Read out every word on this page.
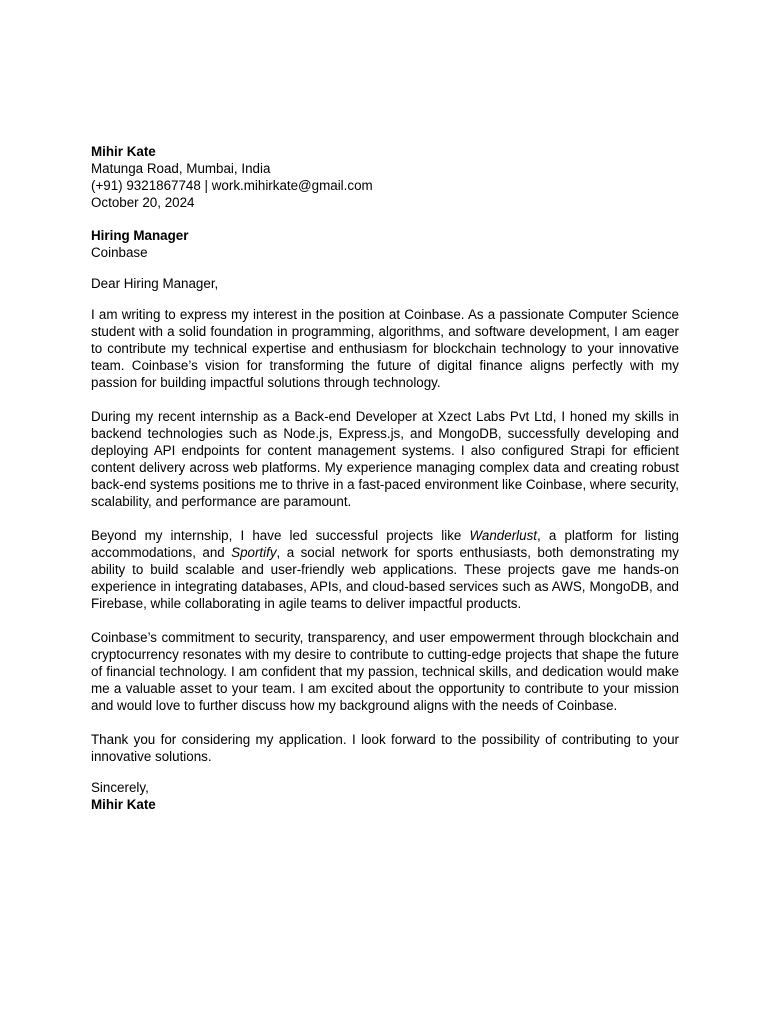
Mihir Kate
Matunga Road, Mumbai, India
(+91) 9321867748 | work.mihirkate@gmail.com
October 20, 2024
Hiring Manager
Coinbase
Dear Hiring Manager,

I am writing to express my interest in the position at Coinbase. As a passionate Computer Science student with a solid foundation in programming, algorithms, and software development, I am eager to contribute my technical expertise and enthusiasm for blockchain technology to your innovative team. Coinbase’s vision for transforming the future of digital finance aligns perfectly with my passion for building impactful solutions through technology.

During my recent internship as a Back-end Developer at Xzect Labs Pvt Ltd, I honed my skills in backend technologies such as Node.js, Express.js, and MongoDB, successfully developing and deploying API endpoints for content management systems. I also configured Strapi for efficient content delivery across web platforms. My experience managing complex data and creating robust back-end systems positions me to thrive in a fast-paced environment like Coinbase, where security, scalability, and performance are paramount.

Beyond my internship, I have led successful projects like Wanderlust, a platform for listing accommodations, and Sportify, a social network for sports enthusiasts, both demonstrating my ability to build scalable and user-friendly web applications. These projects gave me hands-on experience in integrating databases, APIs, and cloud-based services such as AWS, MongoDB, and Firebase, while collaborating in agile teams to deliver impactful products.

Coinbase’s commitment to security, transparency, and user empowerment through blockchain and cryptocurrency resonates with my desire to contribute to cutting-edge projects that shape the future of financial technology. I am confident that my passion, technical skills, and dedication would make me a valuable asset to your team. I am excited about the opportunity to contribute to your mission and would love to further discuss how my background aligns with the needs of Coinbase.

Thank you for considering my application. I look forward to the possibility of contributing to your innovative solutions.

Sincerely,
Mihir Kate
